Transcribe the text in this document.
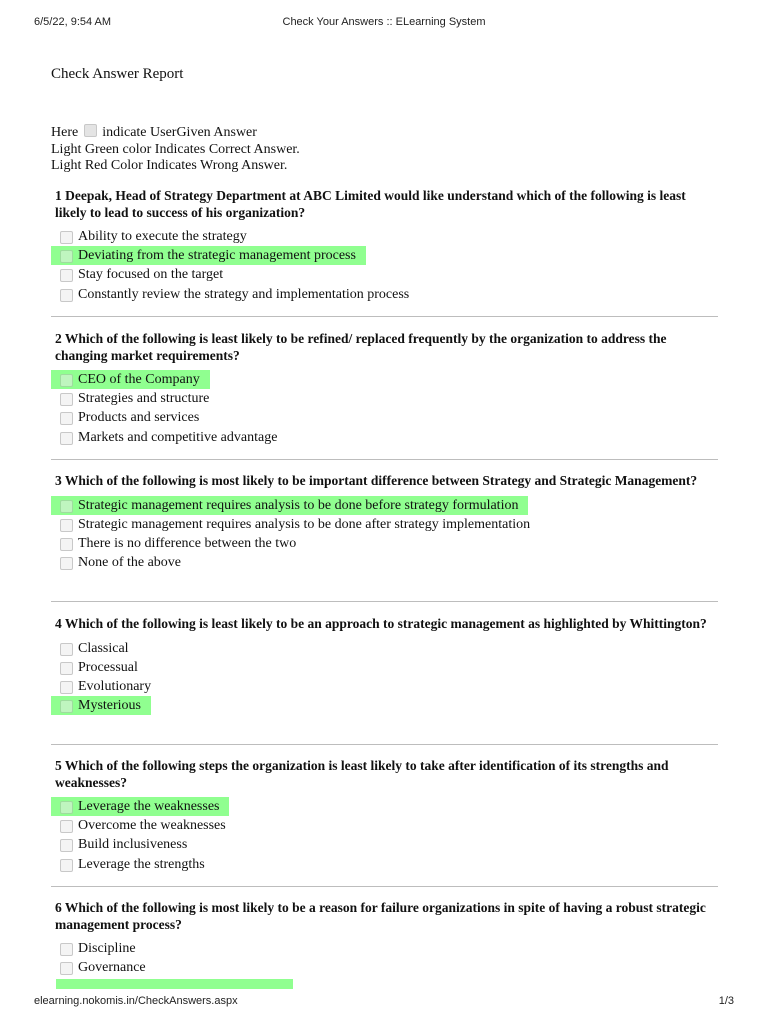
6/5/22, 9:54 AM	Check Your Answers :: ELearning System
Check Answer Report
Here indicate UserGiven Answer
Light Green color Indicates Correct Answer.
Light Red Color Indicates Wrong Answer.
1 Deepak, Head of Strategy Department at ABC Limited would like understand which of the following is least likely to lead to success of his organization?
Ability to execute the strategy
Deviating from the strategic management process
Stay focused on the target
Constantly review the strategy and implementation process
2 Which of the following is least likely to be refined/ replaced frequently by the organization to address the changing market requirements?
CEO of the Company
Strategies and structure
Products and services
Markets and competitive advantage
3 Which of the following is most likely to be important difference between Strategy and Strategic Management?
Strategic management requires analysis to be done before strategy formulation
Strategic management requires analysis to be done after strategy implementation
There is no difference between the two
None of the above
4 Which of the following is least likely to be an approach to strategic management as highlighted by Whittington?
Classical
Processual
Evolutionary
Mysterious
5 Which of the following steps the organization is least likely to take after identification of its strengths and weaknesses?
Leverage the weaknesses
Overcome the weaknesses
Build inclusiveness
Leverage the strengths
6 Which of the following is most likely to be a reason for failure organizations in spite of having a robust strategic management process?
Discipline
Governance
elearning.nokomis.in/CheckAnswers.aspx	1/3
